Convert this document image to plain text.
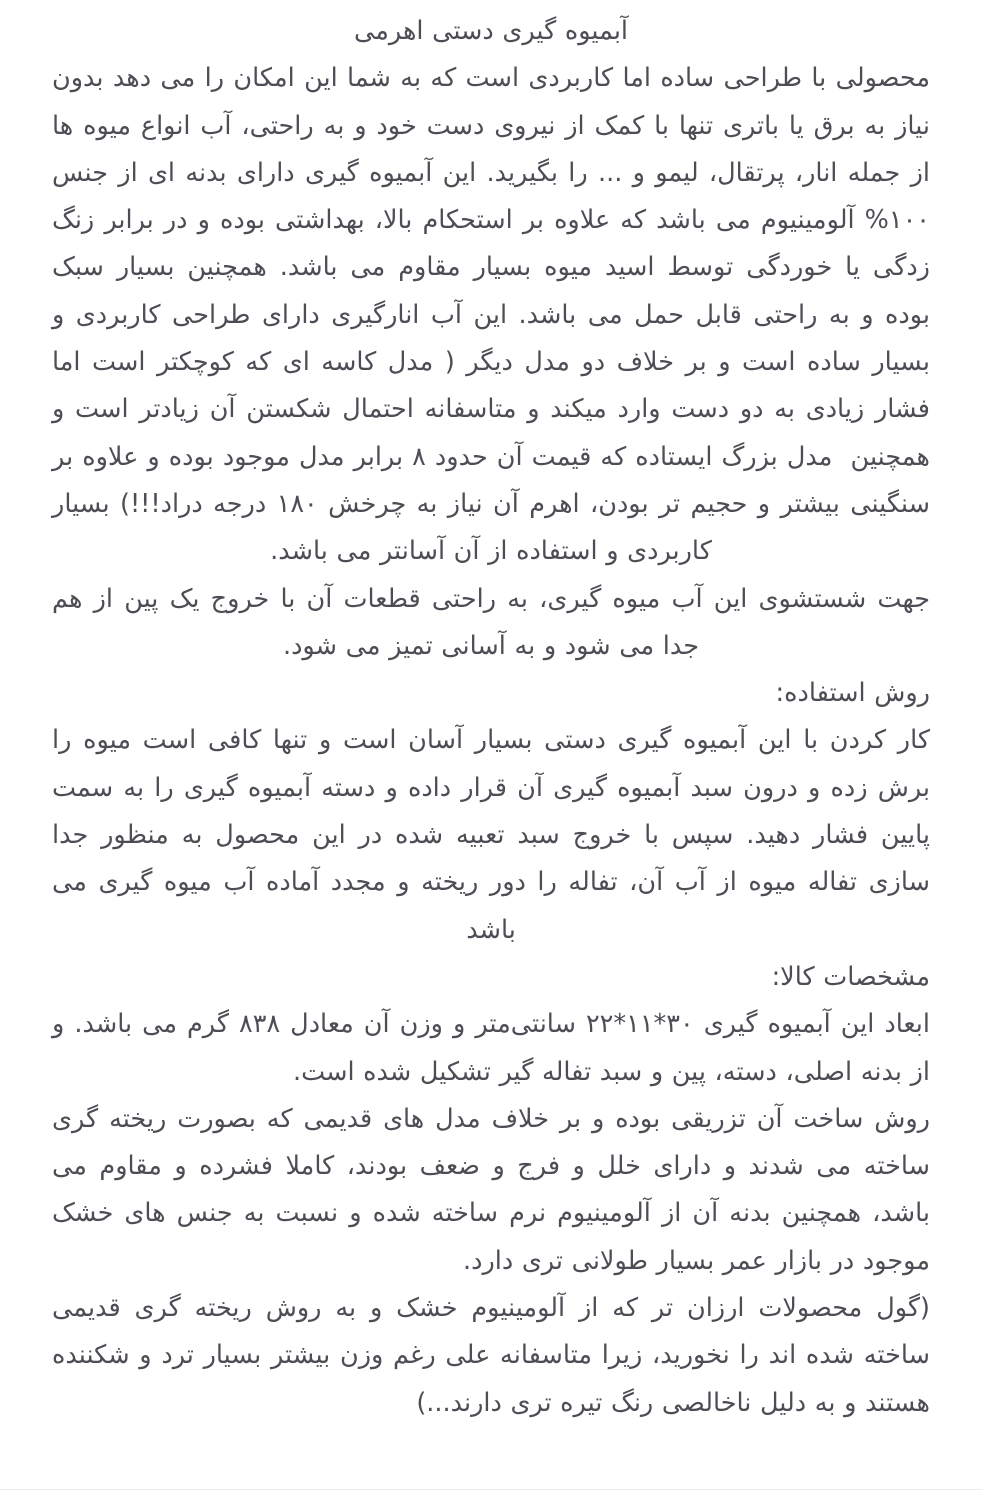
آبمیوه گیری دستی اهرمی

محصولی با طراحی ساده اما کاربردی است که به شما این امکان را می دهد بدون نیاز به برق یا باتری تنها با کمک از نیروی دست خود و به راحتی، آب انواع میوه ها از جمله انار، پرتقال، لیمو و ... را بگیرید. این آبمیوه گیری دارای بدنه ای از جنس ۱۰۰% آلومینیوم می باشد که علاوه بر استحکام بالا، بهداشتی بوده و در برابر زنگ زدگی یا خوردگی توسط اسید میوه بسیار مقاوم می باشد. همچنین بسیار سبک بوده و به راحتی قابل حمل می باشد. این آب انارگیری دارای طراحی کاربردی و بسیار ساده است و بر خلاف دو مدل دیگر ( مدل کاسه ای که کوچکتر است اما فشار زیادی به دو دست وارد میکند و متاسفانه احتمال شکستن آن زیادتر است و همچنین  مدل بزرگ ایستاده که قیمت آن حدود ۸ برابر مدل موجود بوده و علاوه بر سنگینی بیشتر و حجیم تر بودن، اهرم آن نیاز به چرخش ۱۸۰ درجه دراد!!!) بسیار کاربردی و استفاده از آن آسانتر می باشد.

جهت شستشوی این آب میوه گیری، به راحتی قطعات آن با خروج یک پین از هم جدا می شود و به آسانی تمیز می شود.

روش استفاده:

کار کردن با این آبمیوه گیری دستی بسیار آسان است و تنها کافی است میوه را برش زده و درون سبد آبمیوه گیری آن قرار داده و دسته آبمیوه گیری را به سمت پایین فشار دهید. سپس با خروج سبد تعبیه شده در این محصول به منظور جدا سازی تفاله میوه از آب آن، تفاله را دور ریخته و مجدد آماده آب میوه گیری می باشد

مشخصات کالا:

ابعاد این آبمیوه گیری ۳۰*۱۱*۲۲ سانتی‌متر و وزن آن معادل ۸۳۸ گرم می باشد. و از بدنه اصلی، دسته، پین و سبد تفاله گیر تشکیل شده است.

روش ساخت آن تزریقی بوده و بر خلاف مدل های قدیمی که بصورت ریخته گری ساخته می شدند و دارای خلل و فرج و ضعف بودند، کاملا فشرده و مقاوم می باشد، همچنین بدنه آن از آلومینیوم نرم ساخته شده و نسبت به جنس های خشک موجود در بازار عمر بسیار طولانی تری دارد.

(گول محصولات ارزان تر که از آلومینیوم خشک و به روش ریخته گری قدیمی ساخته شده اند را نخورید، زیرا متاسفانه علی رغم وزن بیشتر بسیار ترد و شکننده هستند و به دلیل ناخالصی رنگ تیره تری دارند...)
